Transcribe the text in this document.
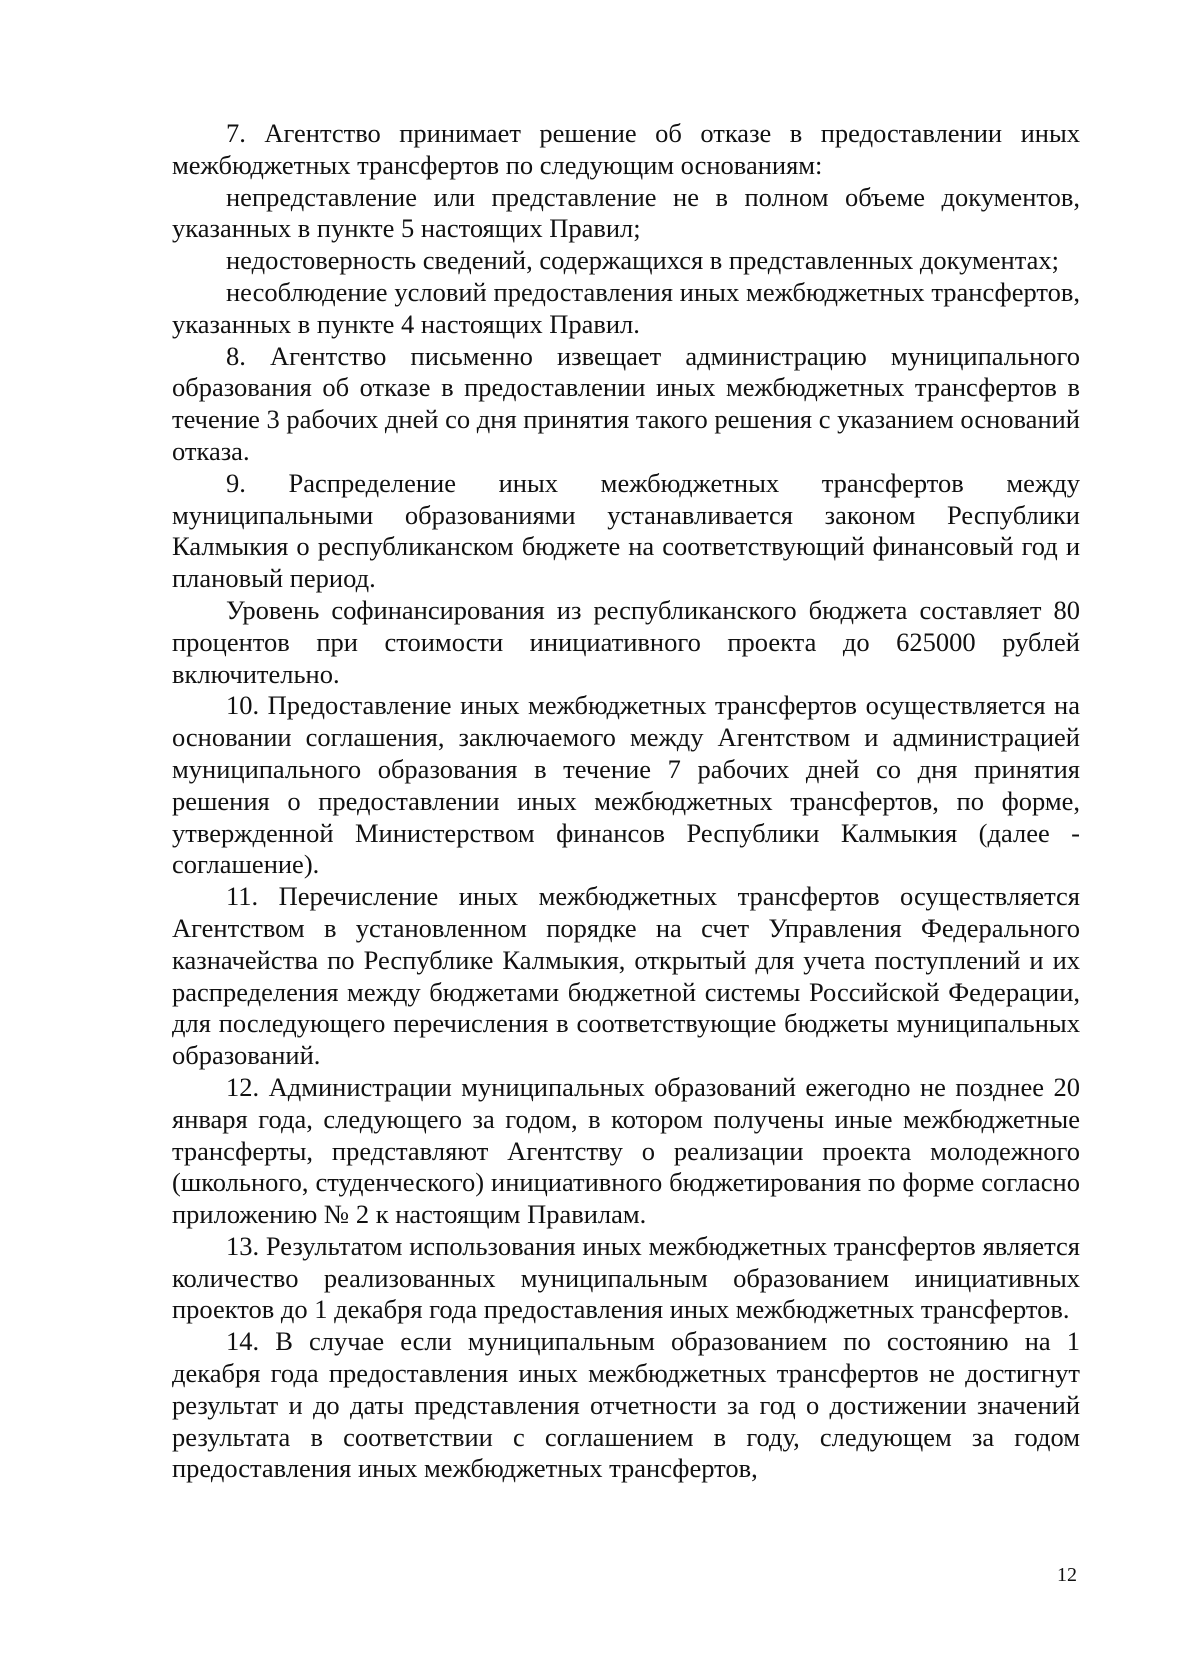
7. Агентство принимает решение об отказе в предоставлении иных межбюджетных трансфертов по следующим основаниям:

непредставление или представление не в полном объеме документов, указанных в пункте 5 настоящих Правил;

недостоверность сведений, содержащихся в представленных документах;

несоблюдение условий предоставления иных межбюджетных трансфертов, указанных в пункте 4 настоящих Правил.

8. Агентство письменно извещает администрацию муниципального образования об отказе в предоставлении иных межбюджетных трансфертов в течение 3 рабочих дней со дня принятия такого решения с указанием оснований отказа.

9. Распределение иных межбюджетных трансфертов между муниципальными образованиями устанавливается законом Республики Калмыкия о республиканском бюджете на соответствующий финансовый год и плановый период.

Уровень софинансирования из республиканского бюджета составляет 80 процентов при стоимости инициативного проекта до 625000 рублей включительно.

10. Предоставление иных межбюджетных трансфертов осуществляется на основании соглашения, заключаемого между Агентством и администрацией муниципального образования в течение 7 рабочих дней со дня принятия решения о предоставлении иных межбюджетных трансфертов, по форме, утвержденной Министерством финансов Республики Калмыкия (далее - соглашение).

11. Перечисление иных межбюджетных трансфертов осуществляется Агентством в установленном порядке на счет Управления Федерального казначейства по Республике Калмыкия, открытый для учета поступлений и их распределения между бюджетами бюджетной системы Российской Федерации, для последующего перечисления в соответствующие бюджеты муниципальных образований.

12. Администрации муниципальных образований ежегодно не позднее 20 января года, следующего за годом, в котором получены иные межбюджетные трансферты, представляют Агентству о реализации проекта молодежного (школьного, студенческого) инициативного бюджетирования по форме согласно приложению № 2 к настоящим Правилам.

13. Результатом использования иных межбюджетных трансфертов является количество реализованных муниципальным образованием инициативных проектов до 1 декабря года предоставления иных межбюджетных трансфертов.

14. В случае если муниципальным образованием по состоянию на 1 декабря года предоставления иных межбюджетных трансфертов не достигнут результат и до даты представления отчетности за год о достижении значений результата в соответствии с соглашением в году, следующем за годом предоставления иных межбюджетных трансфертов,

12
